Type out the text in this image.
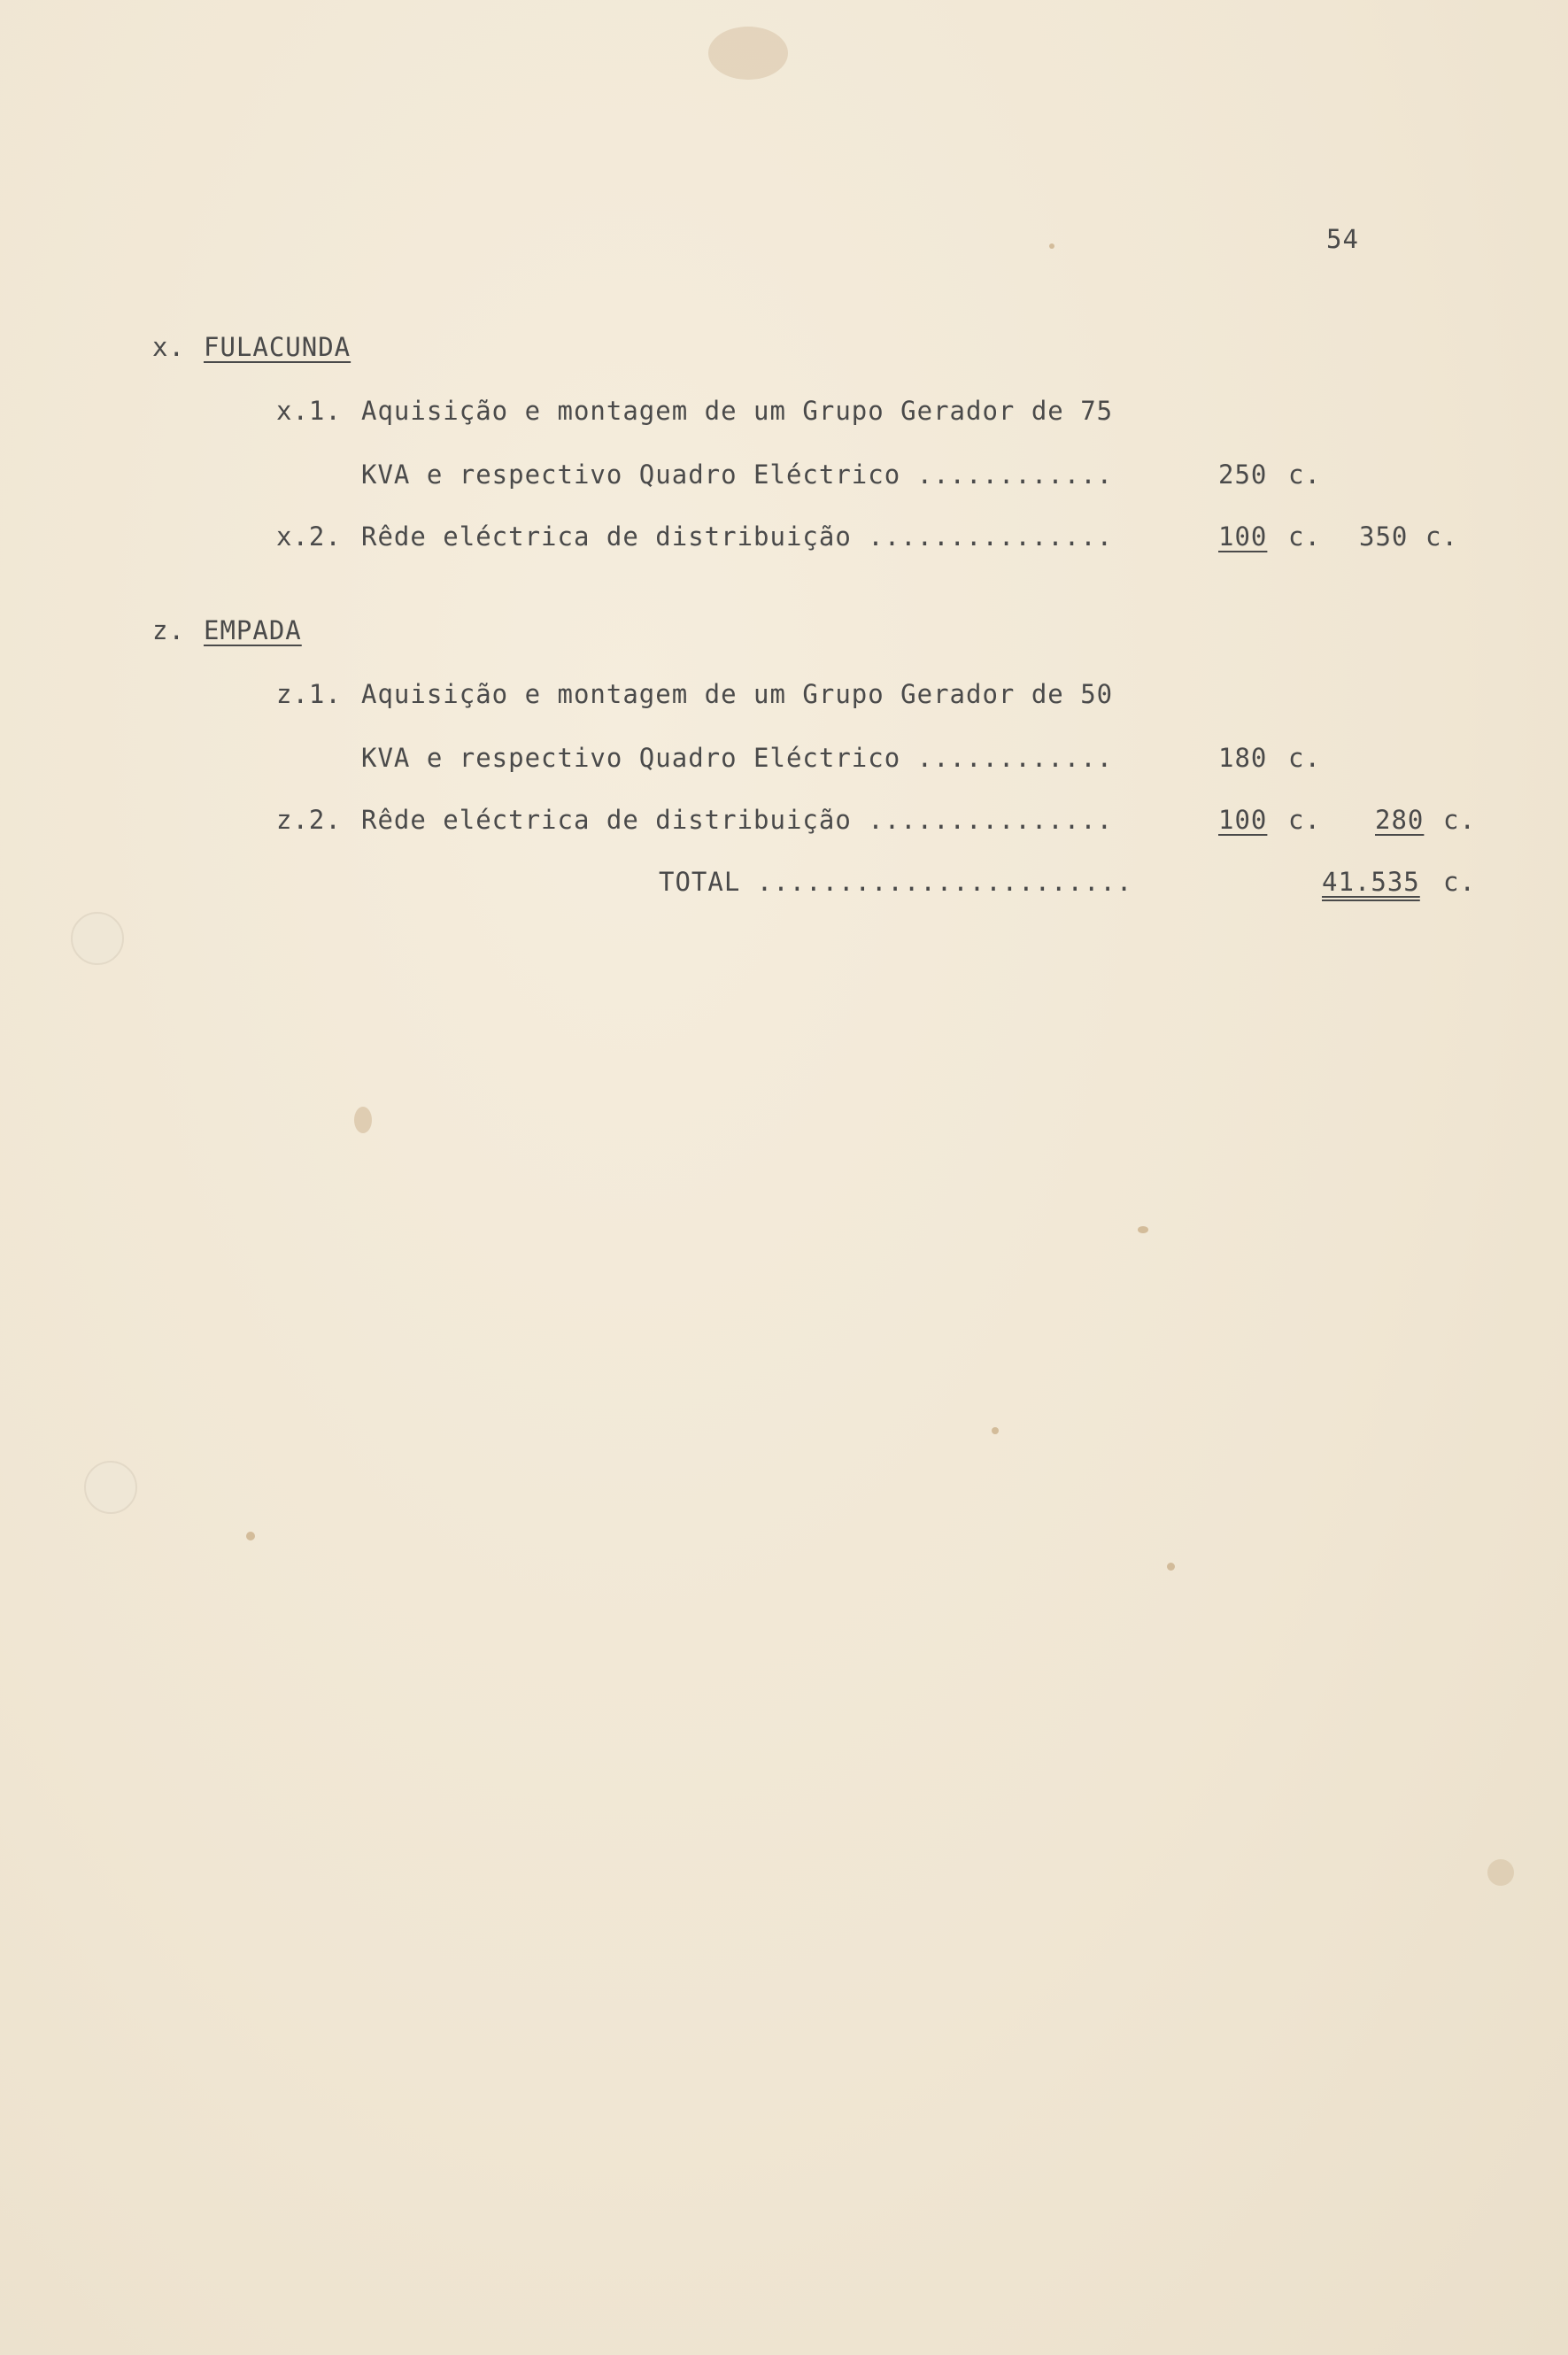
54
x. FULACUNDA
x.1. Aquisição e montagem de um Grupo Gerador de 75
KVA e respectivo Quadro Eléctrico ............	250 c.
x.2. Rêde eléctrica de distribuição ...............	100 c. 350 c.
z. EMPADA
z.1. Aquisição e montagem de um Grupo Gerador de 50
KVA e respectivo Quadro Eléctrico ............	180 c.
z.2. Rêde eléctrica de distribuição ...............	100 c. 280 c.
TOTAL .......................	41.535 c.
